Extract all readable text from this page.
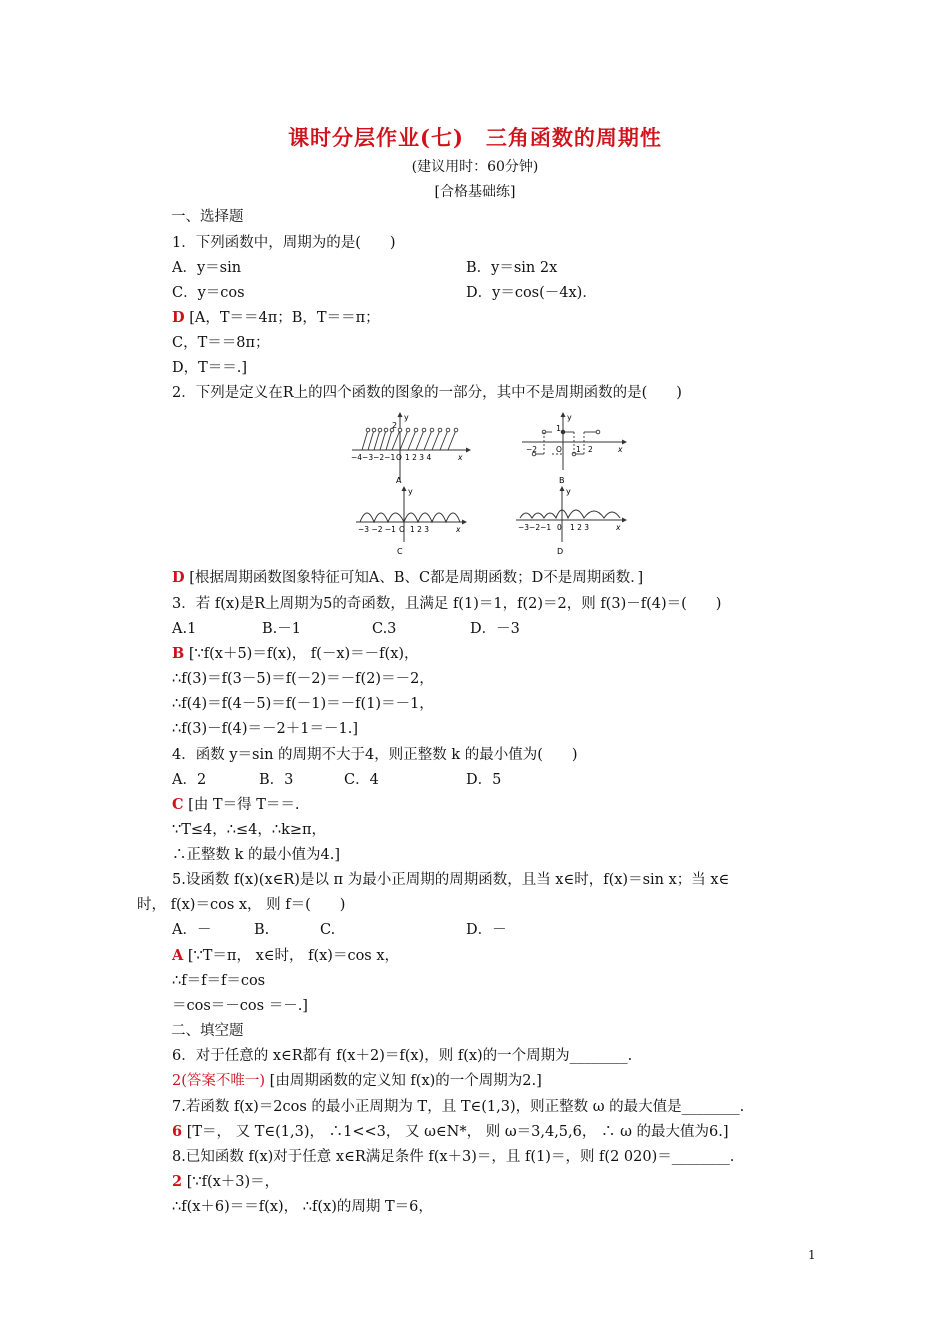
课时分层作业(七)　三角函数的周期性
(建议用时：60分钟)
[合格基础练]
一、选择题
1．下列函数中，周期为的是(　　)
A．y＝sin	B．y＝sin 2x
C．y＝cos	D．y＝cos(－4x)．
D [A，T＝＝4π；B，T＝＝π；
C，T＝＝8π；
D，T＝＝.]
2．下列是定义在R上的四个函数的图象的一部分，其中不是周期函数的是(　　)
y
2
−4−3−2−1 O 1 2 3 4	x
A
y
1
−2	O 1 2	x
B
y
−3 −2 −1 O 1 2 3	x
C
y
−3−2−1 0 1 2 3	x
D
D [根据周期函数图象特征可知A、B、C都是周期函数；D不是周期函数．]
3．若 f(x)是R上周期为5的奇函数，且满足 f(1)＝1，f(2)＝2，则 f(3)－f(4)＝(　　)
A.1	B.－1	C.3	D．－3
B [∵f(x＋5)＝f(x)， f(－x)＝－f(x)，
∴f(3)＝f(3－5)＝f(－2)＝－f(2)＝－2，
∴f(4)＝f(4－5)＝f(－1)＝－f(1)＝－1，
∴f(3)－f(4)＝－2＋1＝－1.]
4．函数 y＝sin 的周期不大于4，则正整数 k 的最小值为(　　)
A．2	B．3	C．4	D．5
C [由 T＝得 T＝＝.
∵T≤4，∴≤4，∴k≥π，
∴正整数 k 的最小值为4.]
5.设函数 f(x)(x∈R)是以 π 为最小正周期的周期函数，且当 x∈时，f(x)＝sin x；当 x∈
时， f(x)＝cos x， 则 f＝(　　)
A．－	B.	C.	D．－
A [∵T＝π， x∈时， f(x)＝cos x，
∴f＝f＝f＝cos
＝cos＝－cos ＝－.]
二、填空题
6．对于任意的 x∈R都有 f(x＋2)＝f(x)，则 f(x)的一个周期为________.
2(答案不唯一) [由周期函数的定义知 f(x)的一个周期为2.]
7.若函数 f(x)＝2cos 的最小正周期为 T，且 T∈(1,3)，则正整数 ω 的最大值是________.
6 [T＝， 又 T∈(1,3)， ∴1<<3， 又 ω∈N*， 则 ω＝3,4,5,6， ∴ ω 的最大值为6.]
8.已知函数 f(x)对于任意 x∈R满足条件 f(x＋3)＝，且 f(1)＝，则 f(2 020)＝________.
2 [∵f(x＋3)＝，
∴f(x＋6)＝＝f(x)， ∴f(x)的周期 T＝6，
1
